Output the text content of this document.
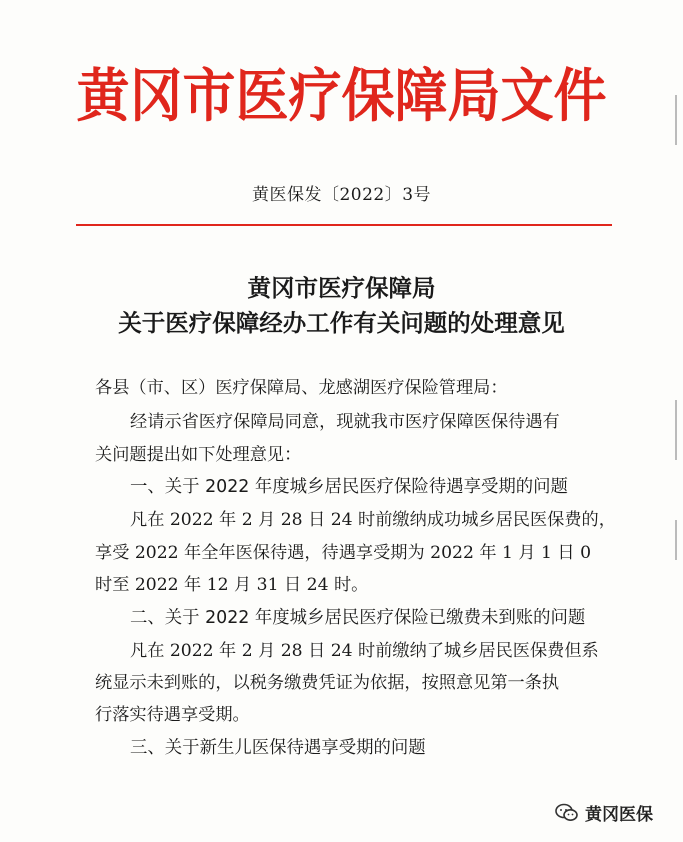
黄冈市医疗保障局文件
黄医保发〔2022〕3号
黄冈市医疗保障局
关于医疗保障经办工作有关问题的处理意见
各县（市、区）医疗保障局、龙感湖医疗保险管理局：
经请示省医疗保障局同意，现就我市医疗保障医保待遇有
关问题提出如下处理意见：
一、关于 2022 年度城乡居民医疗保险待遇享受期的问题
凡在 2022 年 2 月 28 日 24 时前缴纳成功城乡居民医保费的，
享受 2022 年全年医保待遇，待遇享受期为 2022 年 1 月 1 日 0
时至 2022 年 12 月 31 日 24 时。
二、关于 2022 年度城乡居民医疗保险已缴费未到账的问题
凡在 2022 年 2 月 28 日 24 时前缴纳了城乡居民医保费但系
统显示未到账的，以税务缴费凭证为依据，按照意见第一条执
行落实待遇享受期。
三、关于新生儿医保待遇享受期的问题
黄冈医保
